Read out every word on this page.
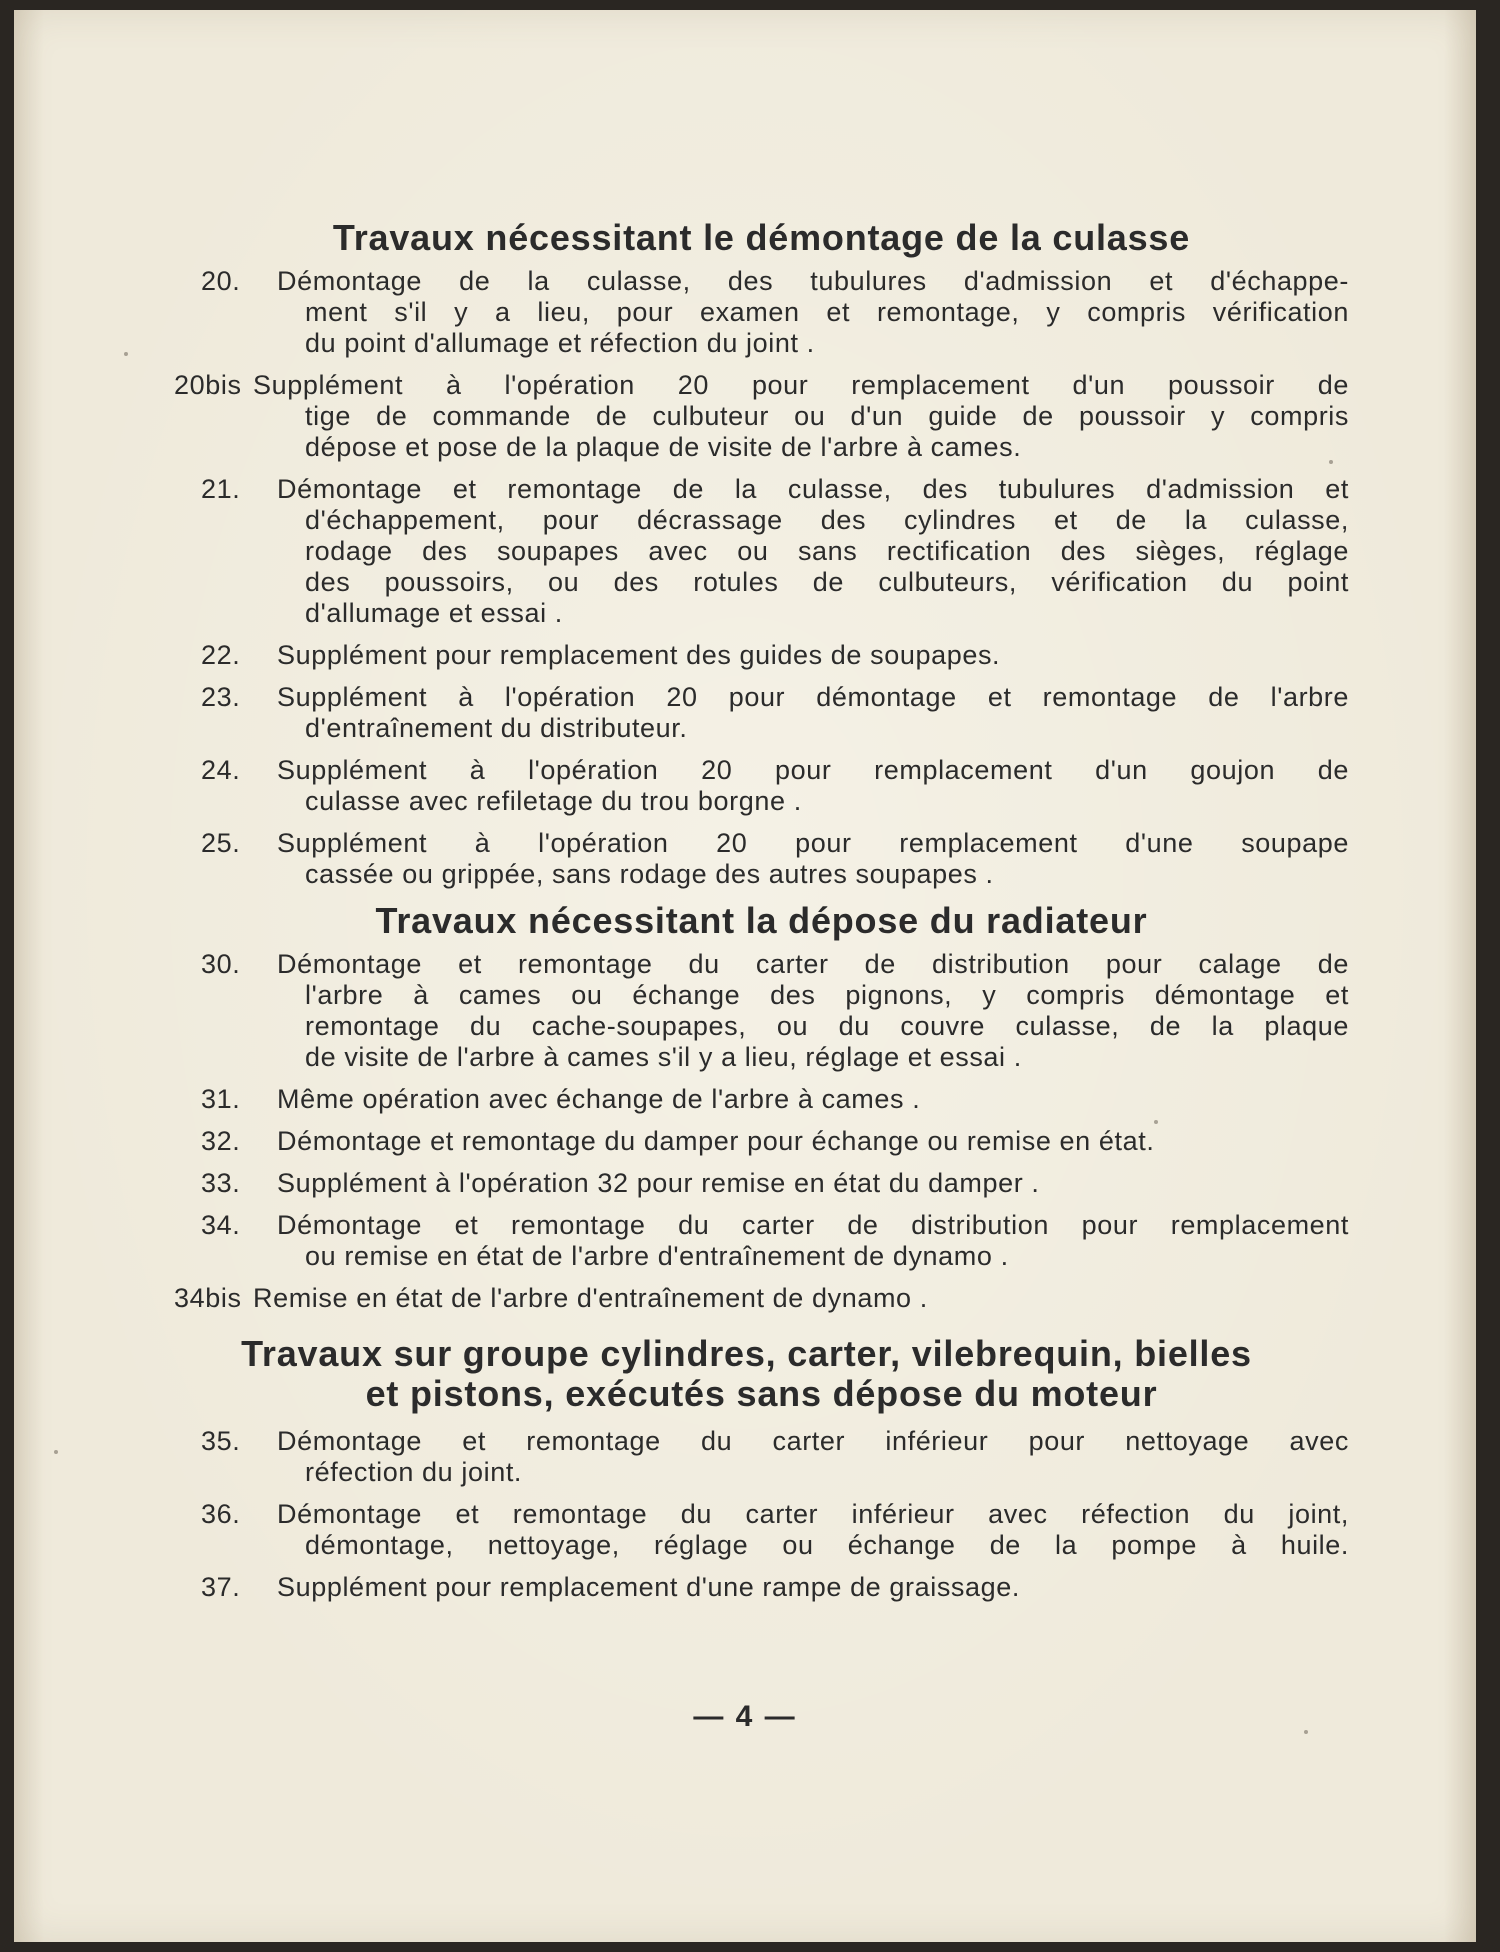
Travaux nécessitant le démontage de la culasse
20. Démontage de la culasse, des tubulures d'admission et d'échappe-
ment s'il y a lieu, pour examen et remontage, y compris vérification
du point d'allumage et réfection du joint .
20bis Supplément à l'opération 20 pour remplacement d'un poussoir de
tige de commande de culbuteur ou d'un guide de poussoir y compris
dépose et pose de la plaque de visite de l'arbre à cames.
21. Démontage et remontage de la culasse, des tubulures d'admission et
d'échappement, pour décrassage des cylindres et de la culasse,
rodage des soupapes avec ou sans rectification des sièges, réglage
des poussoirs, ou des rotules de culbuteurs, vérification du point
d'allumage et essai .
22. Supplément pour remplacement des guides de soupapes.
23. Supplément à l'opération 20 pour démontage et remontage de l'arbre
d'entraînement du distributeur.
24. Supplément à l'opération 20 pour remplacement d'un goujon de
culasse avec refiletage du trou borgne .
25. Supplément à l'opération 20 pour remplacement d'une soupape
cassée ou grippée, sans rodage des autres soupapes .
Travaux nécessitant la dépose du radiateur
30. Démontage et remontage du carter de distribution pour calage de
l'arbre à cames ou échange des pignons, y compris démontage et
remontage du cache-soupapes, ou du couvre culasse, de la plaque
de visite de l'arbre à cames s'il y a lieu, réglage et essai .
31. Même opération avec échange de l'arbre à cames .
32. Démontage et remontage du damper pour échange ou remise en état.
33. Supplément à l'opération 32 pour remise en état du damper .
34. Démontage et remontage du carter de distribution pour remplacement
ou remise en état de l'arbre d'entraînement de dynamo .
34bis Remise en état de l'arbre d'entraînement de dynamo .
Travaux sur groupe cylindres, carter, vilebrequin, bielles
et pistons, exécutés sans dépose du moteur
35. Démontage et remontage du carter inférieur pour nettoyage avec
réfection du joint.
36. Démontage et remontage du carter inférieur avec réfection du joint,
démontage, nettoyage, réglage ou échange de la pompe à huile.
37. Supplément pour remplacement d'une rampe de graissage.
— 4 —
